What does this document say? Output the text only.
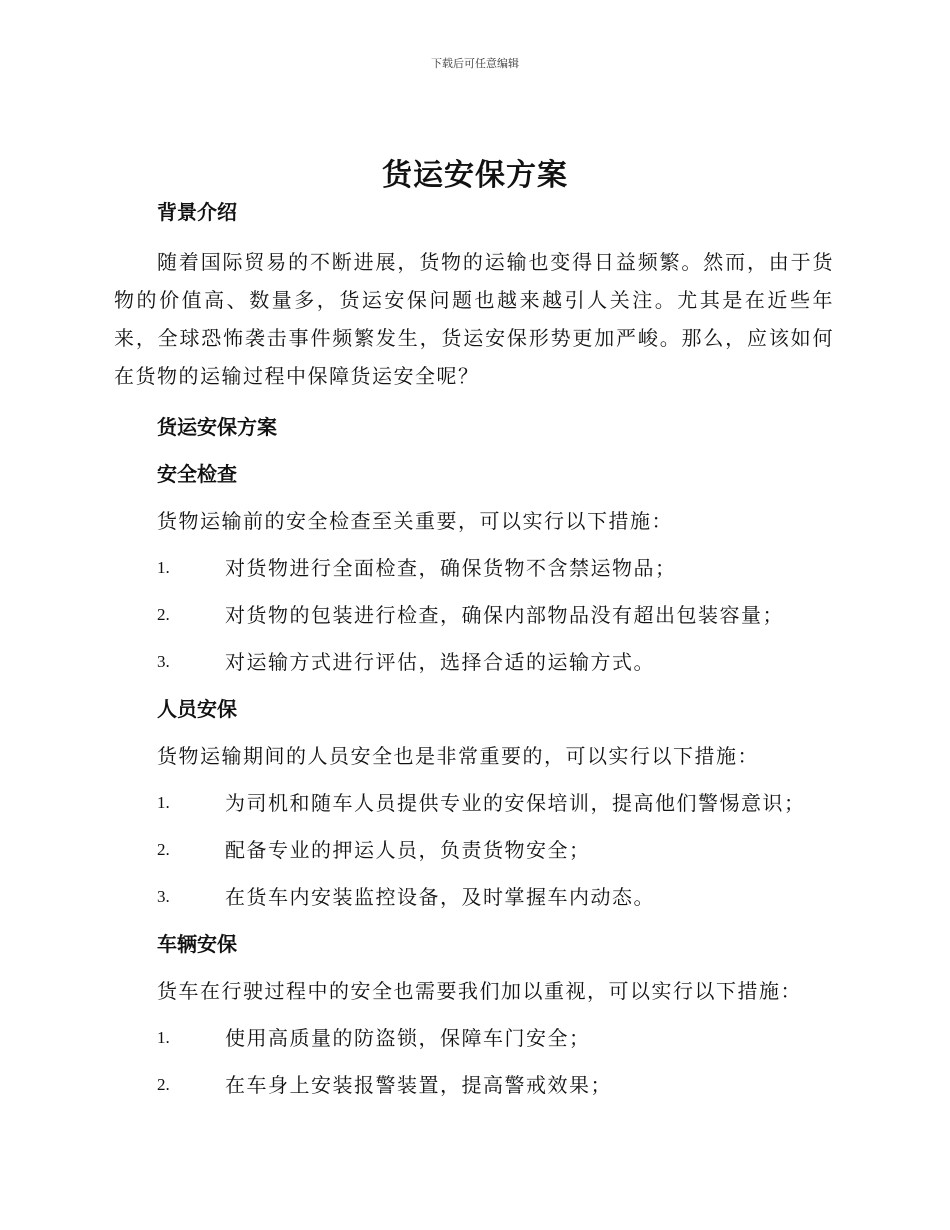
下载后可任意编辑
货运安保方案
背景介绍

随着国际贸易的不断进展，货物的运输也变得日益频繁。然而，由于货物的价值高、数量多，货运安保问题也越来越引人关注。尤其是在近些年来，全球恐怖袭击事件频繁发生，货运安保形势更加严峻。那么，应该如何在货物的运输过程中保障货运安全呢？

货运安保方案
安全检查
货物运输前的安全检查至关重要，可以实行以下措施：
1.	对货物进行全面检查，确保货物不含禁运物品；
2.	对货物的包装进行检查，确保内部物品没有超出包装容量；
3.	对运输方式进行评估，选择合适的运输方式。
人员安保
货物运输期间的人员安全也是非常重要的，可以实行以下措施：
1.	为司机和随车人员提供专业的安保培训，提高他们警惕意识；
2.	配备专业的押运人员，负责货物安全；
3.	在货车内安装监控设备，及时掌握车内动态。
车辆安保
货车在行驶过程中的安全也需要我们加以重视，可以实行以下措施：
1.	使用高质量的防盗锁，保障车门安全；
2.	在车身上安装报警装置，提高警戒效果；
